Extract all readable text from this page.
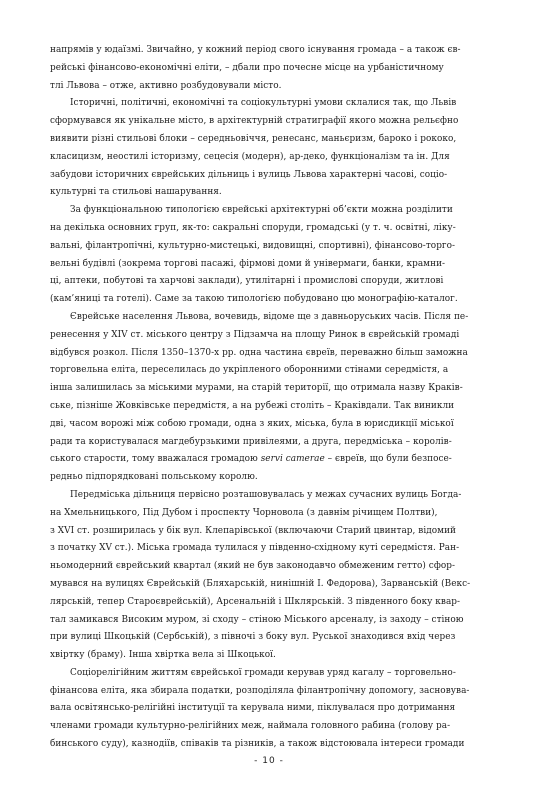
напрямів у юдаїзмі. Звичайно, у кожний період свого існування громада – а також єв-
рейські фінансово-економічні еліти, – дбали про почесне місце на урбаністичному
тлі Львова – отже, активно розбудовували місто.

Історичні, політичні, економічні та соціокультурні умови склалися так, що Львів
сформувався як унікальне місто, в архітектурній стратиграфії якого можна рельєфно
виявити різні стильові блоки – середньовіччя, ренесанс, маньєризм, бароко і рококо,
класицизм, неостилі історизму, сецесія (модерн), ар-деко, функціоналізм та ін. Для
забудови історичних єврейських дільниць і вулиць Львова характерні часові, соціо-
культурні та стильові нашарування.

За функціональною типологією єврейські архітектурні об’єкти можна розділити
на декілька основних груп, як-то: сакральні споруди, громадські (у т. ч. освітні, ліку-
вальні, філантропічні, культурно-мистецькі, видовищні, спортивні), фінансово-торго-
вельні будівлі (зокрема торгові пасажі, фірмові доми й універмаги, банки, крамни-
ці, аптеки, побутові та харчові заклади), утилітарні і промислові споруди, житлові
(кам’яниці та готелі). Саме за такою типологією побудовано цю монографію-каталог.

Єврейське населення Львова, вочевидь, відоме ще з давньоруських часів. Після пе-
ренесення у XIV ст. міського центру з Підзамча на площу Ринок в єврейській громаді
відбувся розкол. Після 1350–1370-х рр. одна частина євреїв, переважно більш заможна
торговельна еліта, переселилась до укріпленого оборонними стінами середмістя, а
інша залишилась за міськими мурами, на старій території, що отримала назву Краків-
ське, пізніше Жовківське передмістя, а на рубежі століть – Краківдали. Так виникли
дві, часом ворожі між собою громади, одна з яких, міська, була в юрисдикції міської
ради та користувалася магдебурзькими привілеями, а друга, передміська – королів-
ського старости, тому вважалася громадою servi camerae – євреїв, що були безпосе-
редньо підпорядковані польському королю.

Передміська дільниця первісно розташовувалась у межах сучасних вулиць Богда-
на Хмельницького, Під Дубом і проспекту Чорновола (з давнім річищем Полтви),
з XVI ст. розширилась у бік вул. Клепарівської (включаючи Старий цвинтар, відомий
з початку XV ст.). Міська громада тулилася у південно-східному куті середмістя. Ран-
ньомодерний єврейський квартал (який не був законодавчо обмеженим гетто) сфор-
мувався на вулицях Єврейській (Бляхарській, нинішній І. Федорова), Зарванській (Векс-
лярській, тепер Староєврейській), Арсенальній і Шклярській. З південного боку квар-
тал замикався Високим муром, зі сходу – стіною Міського арсеналу, із заходу – стіною
при вулиці Шкоцькій (Сербській), з півночі з боку вул. Руської знаходився вхід через
хвіртку (браму). Інша хвіртка вела зі Шкоцької.

Соціорелігійним життям єврейської громади керував уряд кагалу – торговельно-
фінансова еліта, яка збирала податки, розподіляла філантропічну допомогу, засновува-
вала освітянсько-релігійні інституції та керувала ними, піклувалася про дотримання
членами громади культурно-релігійних меж, наймала головного рабина (голову ра-
бинського суду), казнодіїв, співаків та різників, а також відстоювала інтереси громади

- 10 -
